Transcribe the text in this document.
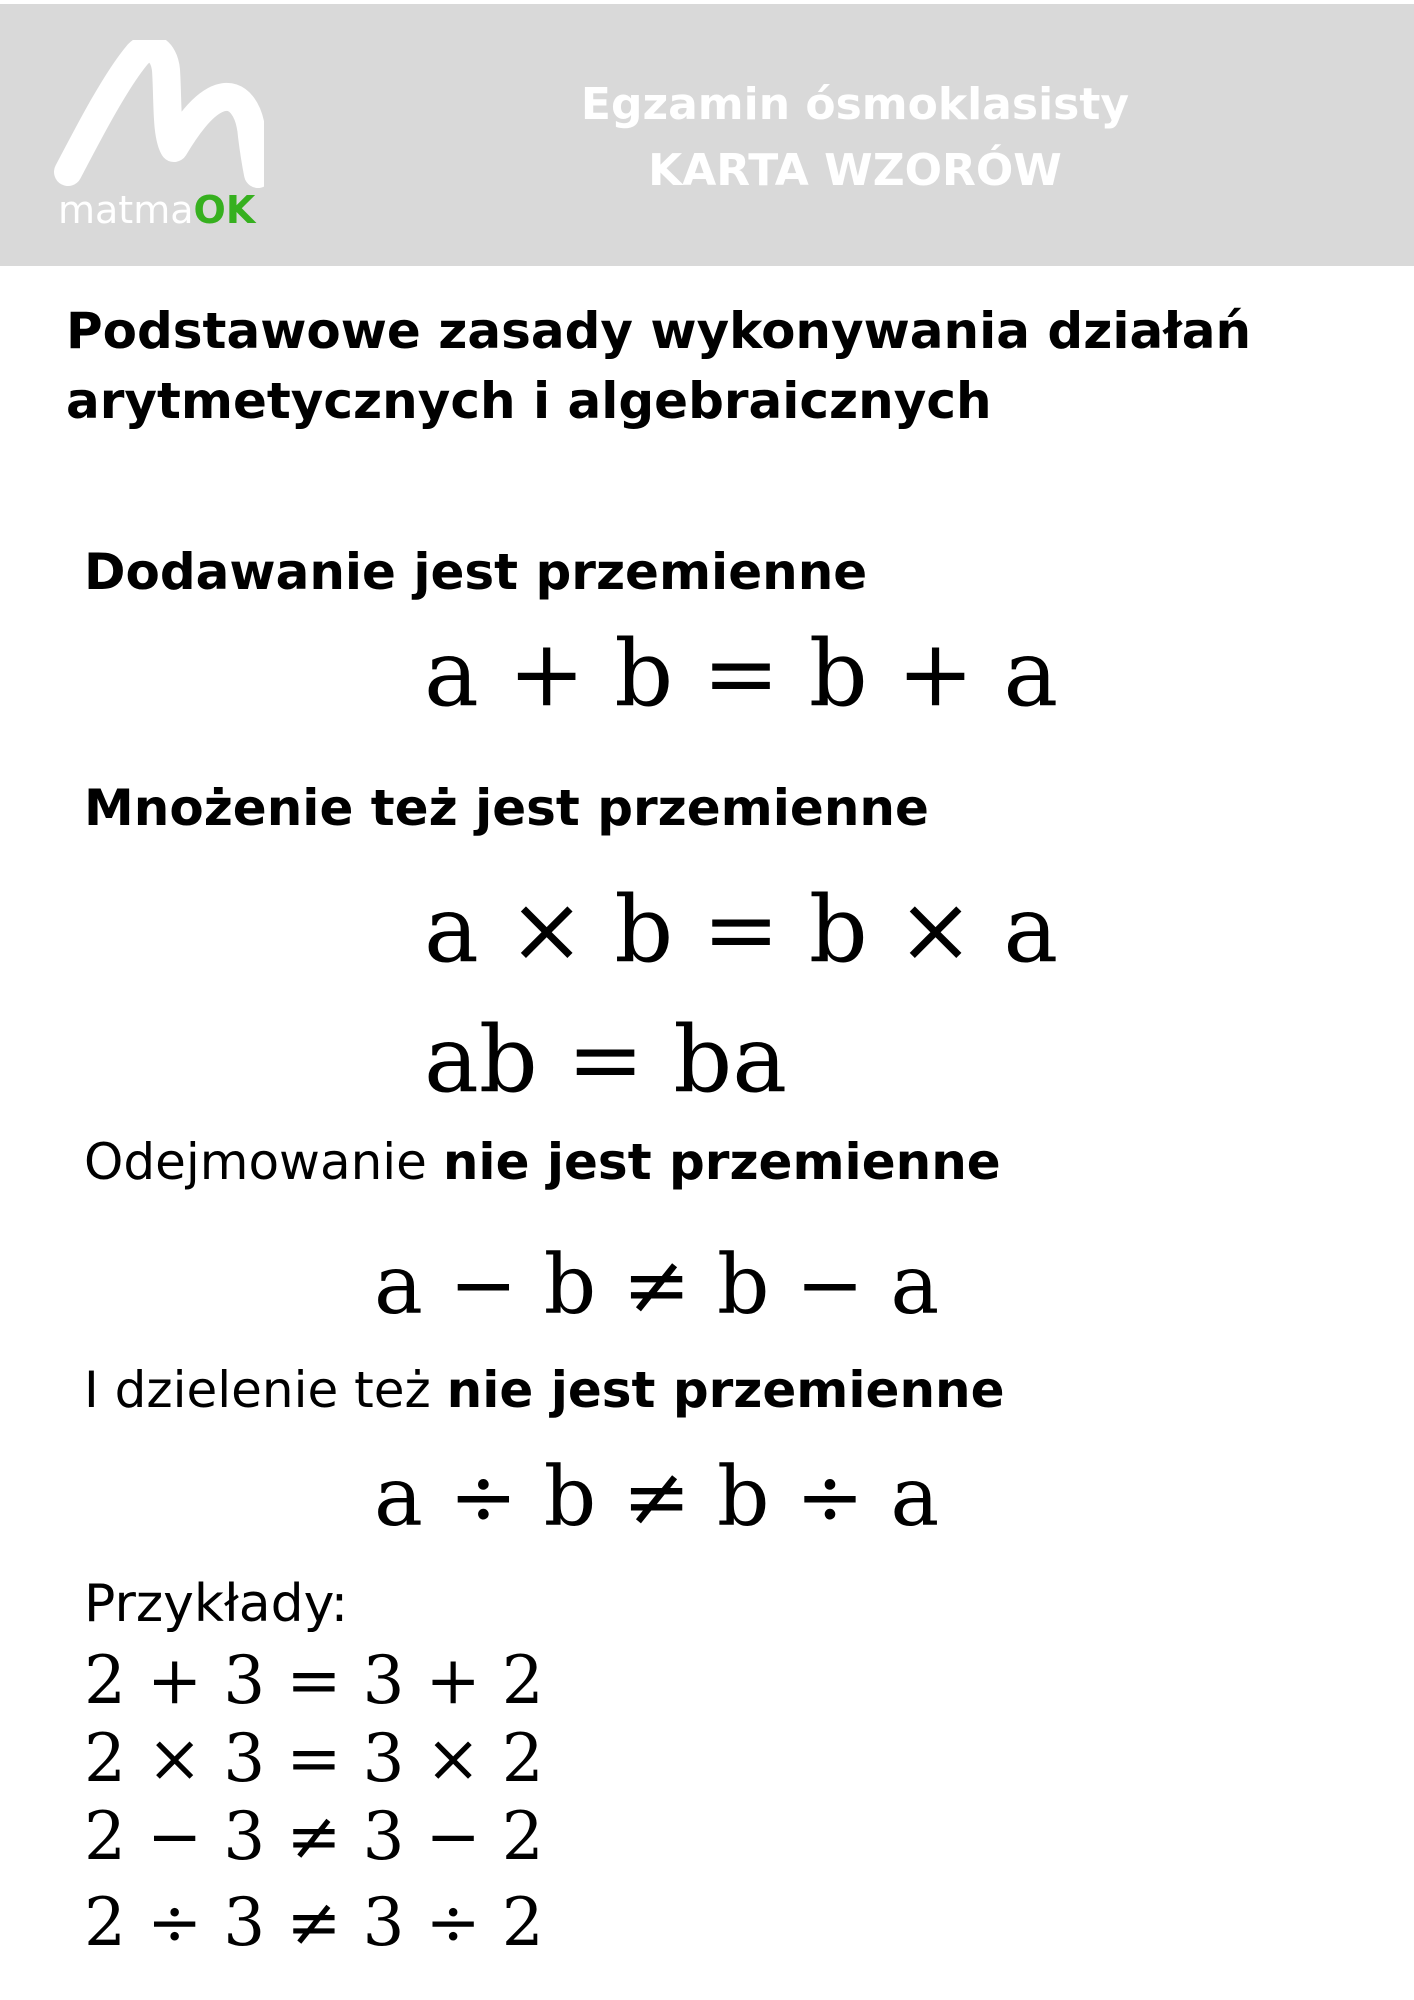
matmaOK
Egzamin ósmoklasisty
KARTA WZORÓW
Podstawowe zasady wykonywania działań
arytmetycznych i algebraicznych
Dodawanie jest przemienne
a + b = b + a
Mnożenie też jest przemienne
a × b = b × a
ab = ba
Odejmowanie nie jest przemienne
a − b ≠ b − a
I dzielenie też nie jest przemienne
a ÷ b ≠ b ÷ a
Przykłady:
2 + 3 = 3 + 2
2 × 3 = 3 × 2
2 − 3 ≠ 3 − 2
2 ÷ 3 ≠ 3 ÷ 2
